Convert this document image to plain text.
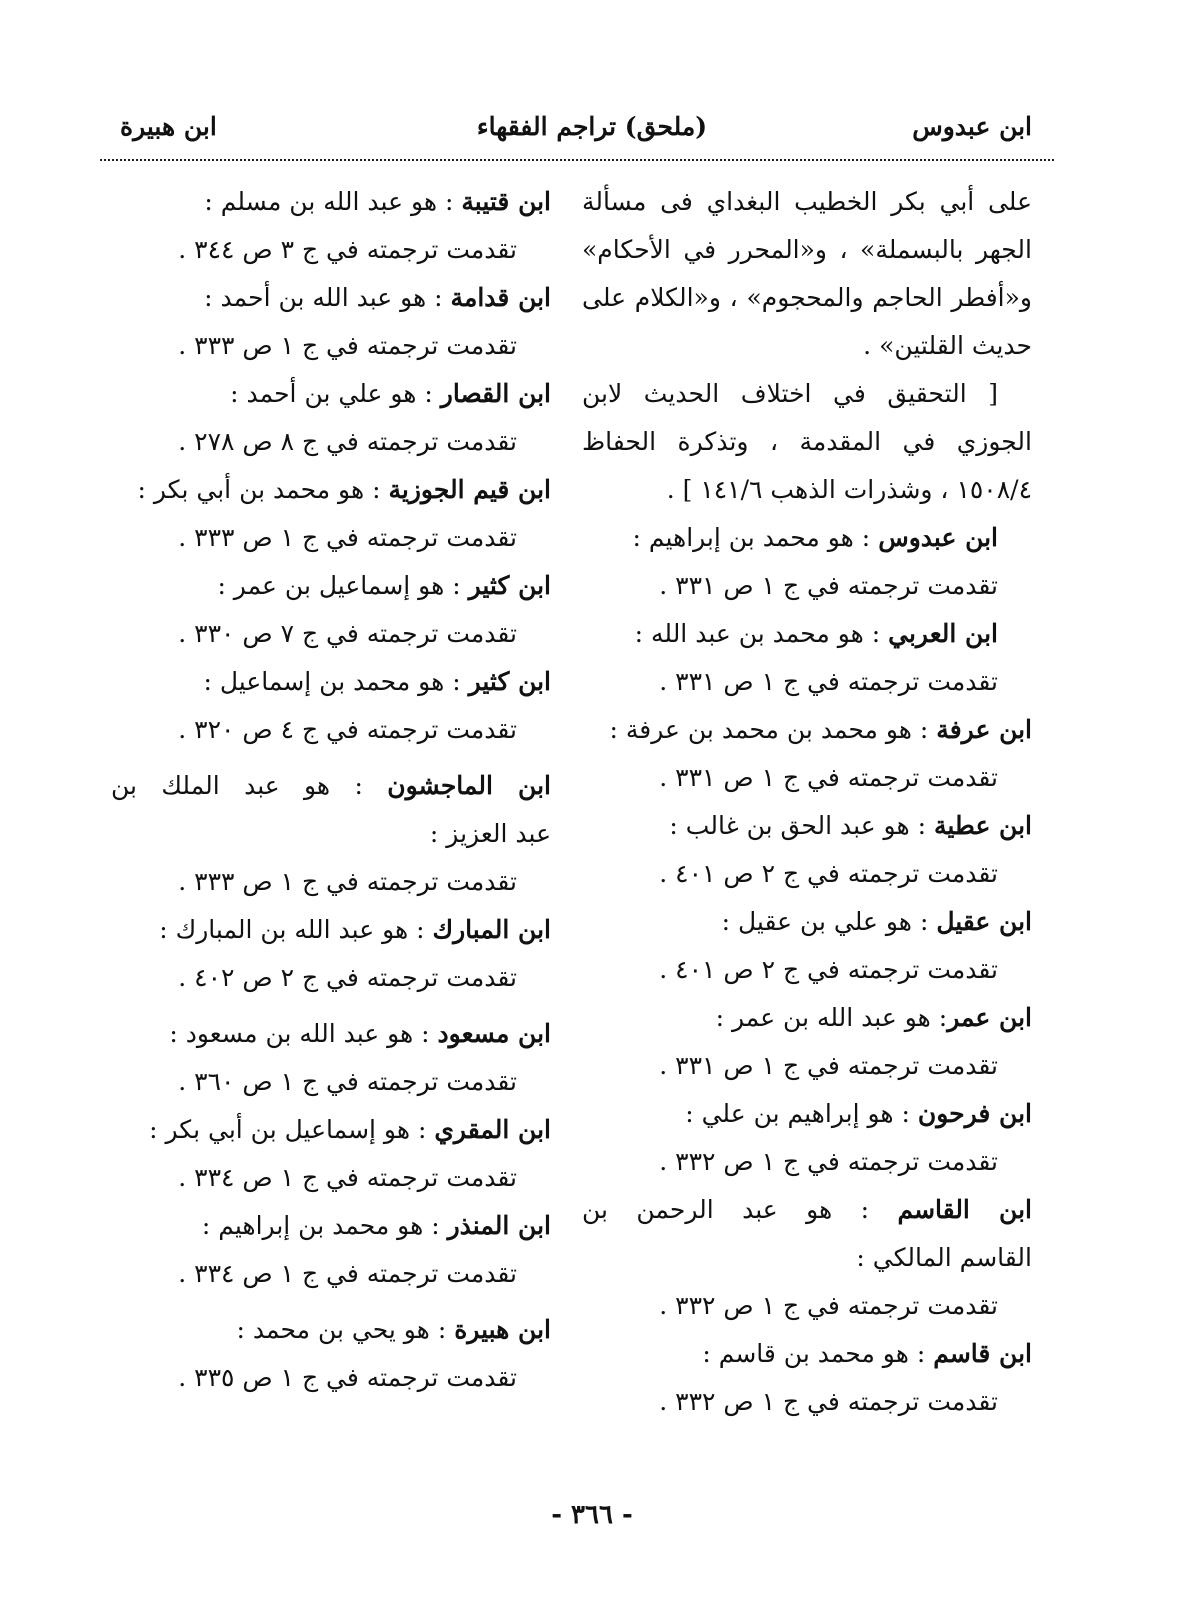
ابن عبدوس
(ملحق) تراجم الفقهاء
ابن هبيرة

على أبي بكر الخطيب البغداي فى مسألة

الجهر بالبسملة» ، و«المحرر في الأحكام»

و«أفطر الحاجم والمحجوم» ، و«الكلام على

حديث القلتين» .

[ التحقيق في اختلاف الحديث لابن

الجوزي في المقدمة ، وتذكرة الحفاظ

١٥٠٨/٤ ، وشذرات الذهب ١٤١/٦ ] .

ابن عبدوس : هو محمد بن إبراهيم :

تقدمت ترجمته في ج ١ ص ٣٣١ .

ابن العربي : هو محمد بن عبد الله :

تقدمت ترجمته في ج ١ ص ٣٣١ .

ابن عرفة : هو محمد بن محمد بن عرفة :

تقدمت ترجمته في ج ١ ص ٣٣١ .

ابن عطية : هو عبد الحق بن غالب :

تقدمت ترجمته في ج ٢ ص ٤٠١ .

ابن عقيل : هو علي بن عقيل :

تقدمت ترجمته في ج ٢ ص ٤٠١ .

ابن عمر: هو عبد الله بن عمر :

تقدمت ترجمته في ج ١ ص ٣٣١ .

ابن فرحون : هو إبراهيم بن علي :

تقدمت ترجمته في ج ١ ص ٣٣٢ .

ابن القاسم : هو عبد الرحمن بن

القاسم المالكي :

تقدمت ترجمته في ج ١ ص ٣٣٢ .

ابن قاسم : هو محمد بن قاسم :

تقدمت ترجمته في ج ١ ص ٣٣٢ .

ابن قتيبة : هو عبد الله بن مسلم :

تقدمت ترجمته في ج ٣ ص ٣٤٤ .

ابن قدامة : هو عبد الله بن أحمد :

تقدمت ترجمته في ج ١ ص ٣٣٣ .

ابن القصار : هو علي بن أحمد :

تقدمت ترجمته في ج ٨ ص ٢٧٨ .

ابن قيم الجوزية : هو محمد بن أبي بكر :

تقدمت ترجمته في ج ١ ص ٣٣٣ .

ابن كثير : هو إسماعيل بن عمر :

تقدمت ترجمته في ج ٧ ص ٣٣٠ .

ابن كثير : هو محمد بن إسماعيل :

تقدمت ترجمته في ج ٤ ص ٣٢٠ .

ابن الماجشون : هو عبد الملك بن

عبد العزيز :

تقدمت ترجمته في ج ١ ص ٣٣٣ .

ابن المبارك : هو عبد الله بن المبارك :

تقدمت ترجمته في ج ٢ ص ٤٠٢ .

ابن مسعود : هو عبد الله بن مسعود :

تقدمت ترجمته في ج ١ ص ٣٦٠ .

ابن المقري : هو إسماعيل بن أبي بكر :

تقدمت ترجمته في ج ١ ص ٣٣٤ .

ابن المنذر : هو محمد بن إبراهيم :

تقدمت ترجمته في ج ١ ص ٣٣٤ .

ابن هبيرة : هو يحي بن محمد :

تقدمت ترجمته في ج ١ ص ٣٣٥ .

- ٣٦٦ -
